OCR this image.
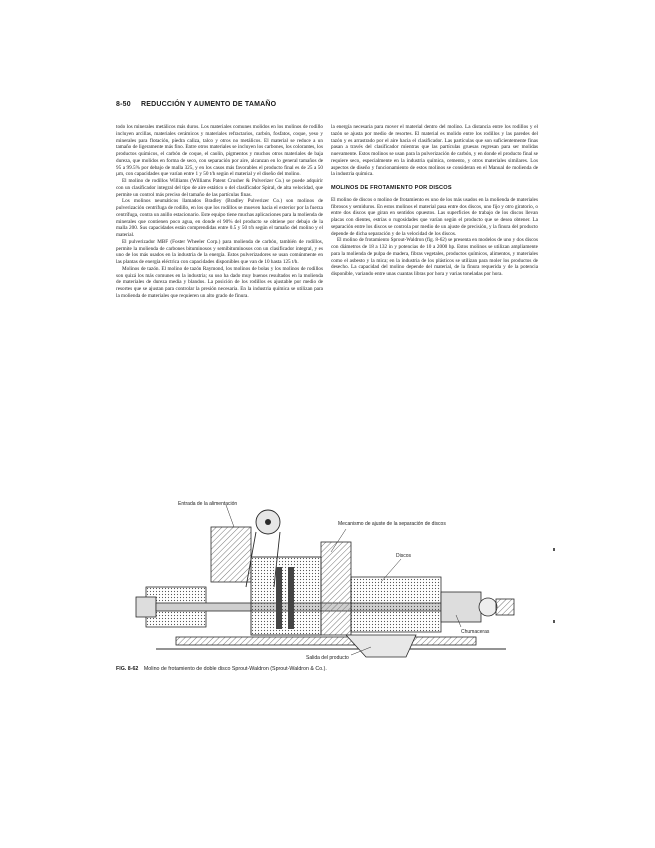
8-50 REDUCCIÓN Y AUMENTO DE TAMAÑO

todo los minerales metálicos más duros. Los materiales comunes molidos en los molinos de rodillo incluyen arcillas, materiales cerámicos y materiales refractarios, carbón, fosfatos, coque, yeso y minerales para flotación, piedra caliza, talco y otros no metálicos. El material se reduce a un tamaño de ligeramente más fino. Entre otros materiales se incluyen los carbones, los colorantes, los productos químicos, el carbón de coque, el caolín, pigmentos y muchos otros materiales de baja dureza, que molidos en forma de seco, con separación por aire, alcanzan en lo general tamaños de 95 a 99.5% por debajo de malla 325, y en los casos más favorables el producto final es de 25 a 50 µm, con capacidades que varían entre 1 y 50 t/h según el material y el diseño del molino.

El molino de rodillos Williams (Williams Patent Crusher & Pulverizer Co.) se puede adquirir con un clasificador integral del tipo de aire estático o del clasificador Spiral, de alta velocidad, que permite un control más preciso del tamaño de las partículas finas.

Los molinos neumáticos llamados Bradley (Bradley Pulverizer Co.) son molinos de pulverización centrífuga de rodillo, en los que los rodillos se mueven hacia el exterior por la fuerza centrífuga, contra un anillo estacionario. Este equipo tiene muchas aplicaciones para la molienda de minerales que contienen poco agua, en donde el 90% del producto se obtiene por debajo de la malla 200. Sus capacidades están comprendidas entre 0.5 y 50 t/h según el tamaño del molino y el material.

El pulverizador MBF (Foster Wheeler Corp.) para molienda de carbón, también de rodillos, permite la molienda de carbones bituminosos y semibituminosos con un clasificador integral, y es uno de los más usados en la industria de la energía. Estos pulverizadores se usan comúnmente en las plantas de energía eléctrica con capacidades disponibles que van de 10 hasta 125 t/h.

Molinos de tazón. El molino de tazón Raymond, los molinos de bolas y los molinos de rodillos son quizá los más comunes en la industria; su uso ha dado muy buenos resultados en la molienda de materiales de dureza media y blandos. La posición de los rodillos es ajustable por medio de resortes que se ajustan para controlar la presión necesaria. En la industria química se utilizan para la molienda de materiales que requieren un alto grado de finura.

la energía necesaria para mover el material dentro del molino. La distancia entre los rodillos y el tazón se ajusta por medio de resortes. El material es molido entre los rodillos y las paredes del tazón y es arrastrado por el aire hacia el clasificador. Las partículas que son suficientemente finas pasan a través del clasificador mientras que las partículas gruesas regresan para ser molidas nuevamente. Estos molinos se usan para la pulverización de carbón, y en donde el producto final se requiere seco, especialmente en la industria química, cemento, y otros materiales similares. Los aspectos de diseño y funcionamiento de estos molinos se consideran en el Manual de molienda de la industria química.

MOLINOS DE FROTAMIENTO POR DISCOS

El molino de discos o molino de frotamiento es uno de los más usados en la molienda de materiales fibrosos y semiduros. En estos molinos el material pasa entre dos discos, uno fijo y otro giratorio, o entre dos discos que giran en sentidos opuestos. Las superficies de trabajo de los discos llevan placas con dientes, estrías o rugosidades que varían según el producto que se desea obtener. La separación entre los discos se controla por medio de un ajuste de precisión, y la finura del producto depende de dicha separación y de la velocidad de los discos.

El molino de frotamiento Sprout-Waldron (fig. 8-62) se presenta en modelos de uno y dos discos con diámetros de 18 a 132 in y potencias de 10 a 2000 hp. Estos molinos se utilizan ampliamente para la molienda de pulpa de madera, fibras vegetales, productos químicos, alimentos, y materiales como el asbesto y la mica; en la industria de los plásticos se utilizan para moler los productos de desecho. La capacidad del molino depende del material, de la finura requerida y de la potencia disponible, variando entre unas cuantas libras por hora y varias toneladas por hora.

Entrada de la alimentación
Mecanismo de ajuste de la separación de discos
Discos
Chumaceras
Salida del producto
FIG. 8-62 Molino de frotamiento de doble disco Sprout-Waldron (Sprout-Waldron & Co.).
